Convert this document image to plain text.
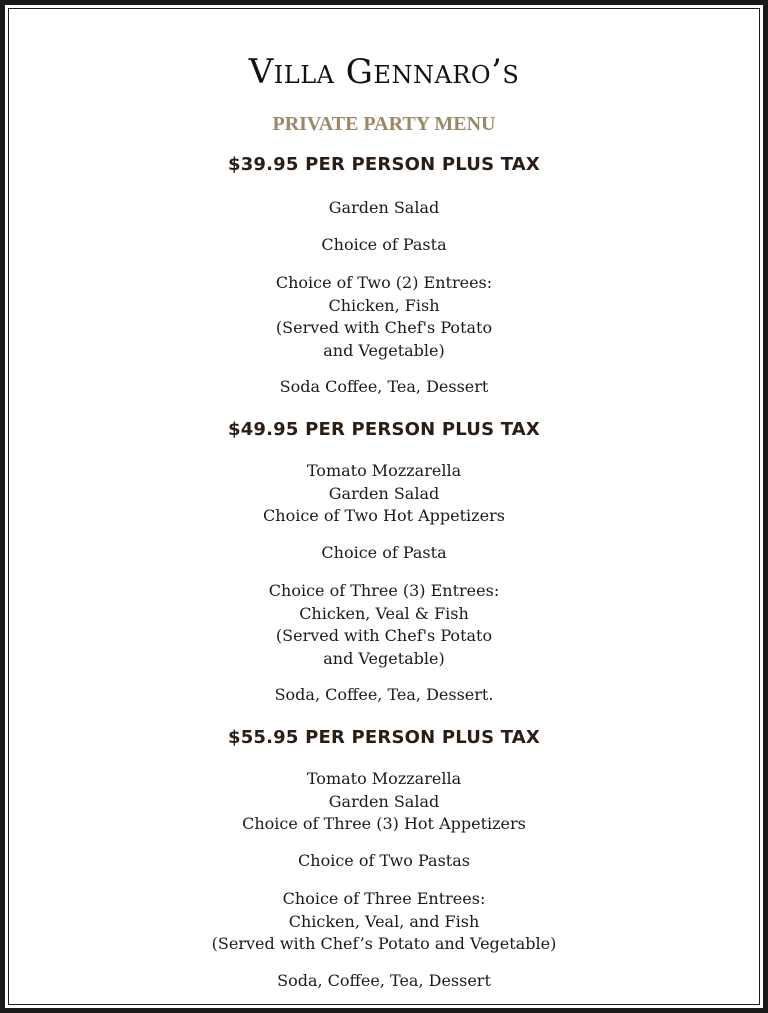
Villa Gennaro’s
PRIVATE PARTY MENU
$39.95 PER PERSON PLUS TAX
Garden Salad
Choice of Pasta
Choice of Two (2) Entrees:
Chicken, Fish
(Served with Chef's Potato
and Vegetable)
Soda Coffee, Tea, Dessert
$49.95 PER PERSON PLUS TAX
Tomato Mozzarella
Garden Salad
Choice of Two Hot Appetizers
Choice of Pasta
Choice of Three (3) Entrees:
Chicken, Veal & Fish
(Served with Chef's Potato
and Vegetable)
Soda, Coffee, Tea, Dessert.
$55.95 PER PERSON PLUS TAX
Tomato Mozzarella
Garden Salad
Choice of Three (3) Hot Appetizers
Choice of Two Pastas
Choice of Three Entrees:
Chicken, Veal, and Fish
(Served with Chef’s Potato and Vegetable)
Soda, Coffee, Tea, Dessert
